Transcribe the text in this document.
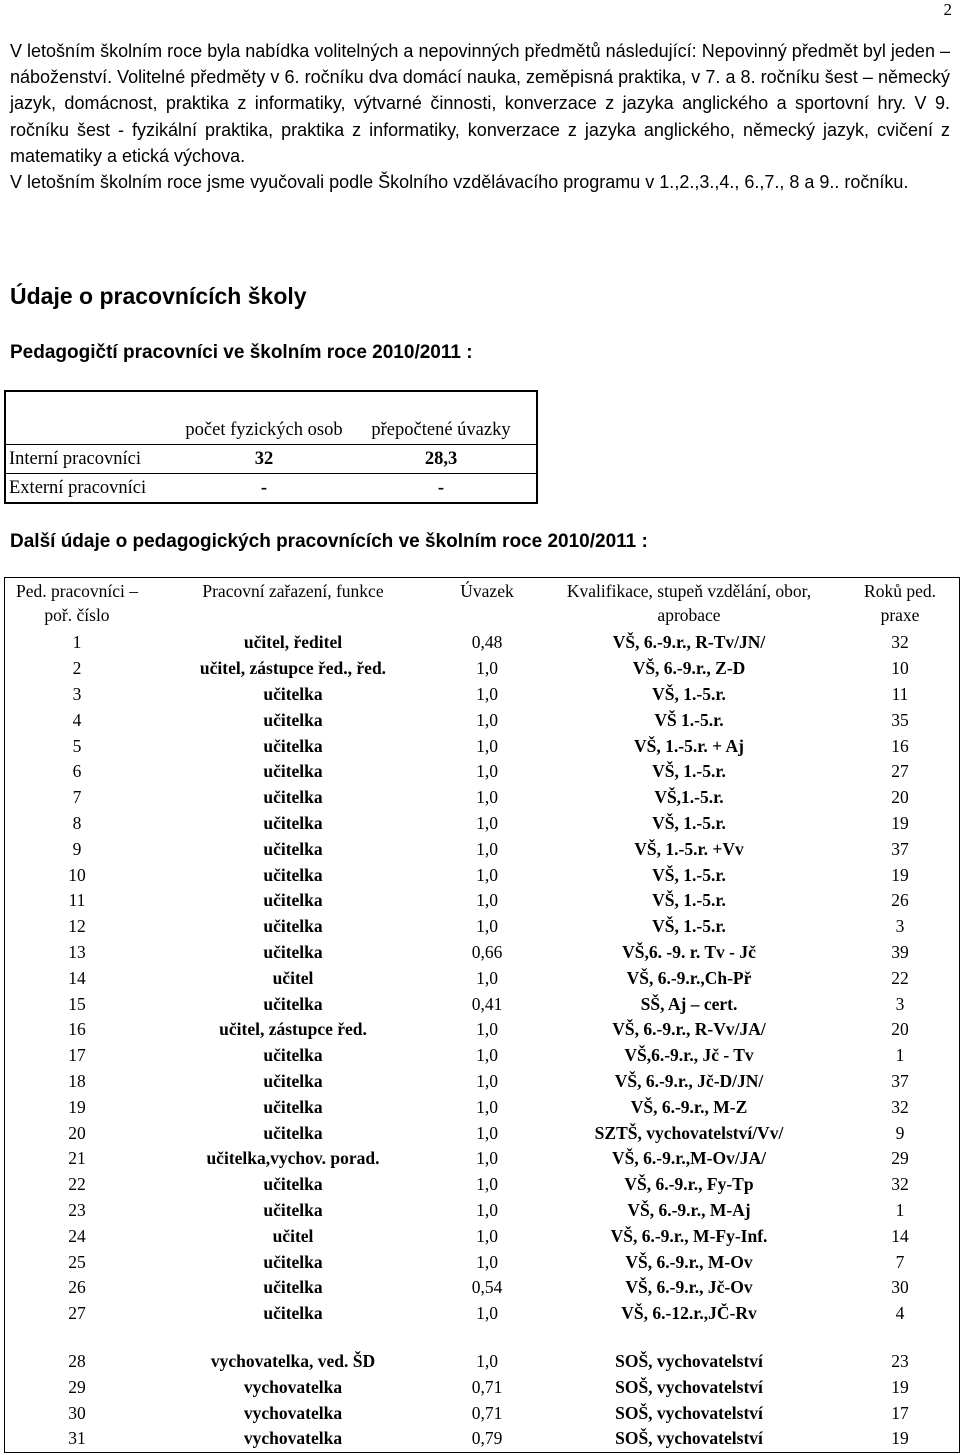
2

V letošním školním roce byla nabídka volitelných a nepovinných předmětů následující: Nepovinný předmět byl jeden – náboženství. Volitelné předměty v 6. ročníku dva domácí nauka, zeměpisná praktika, v 7. a 8. ročníku šest – německý jazyk, domácnost, praktika z informatiky, výtvarné činnosti, konverzace z jazyka anglického a sportovní hry. V 9. ročníku šest - fyzikální praktika, praktika z informatiky, konverzace z jazyka anglického, německý jazyk, cvičení z matematiky a etická výchova.

V letošním školním roce jsme vyučovali podle Školního vzdělávacího programu v 1.,2.,3.,4., 6.,7., 8 a 9.. ročníku.

Údaje o pracovnících školy
Pedagogičtí pracovníci ve školním roce 2010/2011 :
	počet fyzických osob	přepočtené úvazky
Interní pracovníci	32	28,3
Externí pracovníci	-	-
Další údaje o pedagogických pracovnících ve školním roce 2010/2011 :
Ped. pracovníci – poř. číslo	Pracovní zařazení, funkce	Úvazek	Kvalifikace, stupeň vzdělání, obor, aprobace	Roků ped. praxe
1	učitel, ředitel	0,48	VŠ, 6.-9.r., R-Tv/JN/	32
2	učitel, zástupce řed., řed.	1,0	VŠ, 6.-9.r., Z-D	10
3	učitelka	1,0	VŠ, 1.-5.r.	11
4	učitelka	1,0	VŠ 1.-5.r.	35
5	učitelka	1,0	VŠ, 1.-5.r. + Aj	16
6	učitelka	1,0	VŠ, 1.-5.r.	27
7	učitelka	1,0	VŠ,1.-5.r.	20
8	učitelka	1,0	VŠ, 1.-5.r.	19
9	učitelka	1,0	VŠ, 1.-5.r. +Vv	37
10	učitelka	1,0	VŠ, 1.-5.r.	19
11	učitelka	1,0	VŠ, 1.-5.r.	26
12	učitelka	1,0	VŠ, 1.-5.r.	3
13	učitelka	0,66	VŠ,6. -9. r. Tv - Jč	39
14	učitel	1,0	VŠ, 6.-9.r.,Ch-Př	22
15	učitelka	0,41	SŠ, Aj – cert.	3
16	učitel, zástupce řed.	1,0	VŠ, 6.-9.r., R-Vv/JA/	20
17	učitelka	1,0	VŠ,6.-9.r., Jč - Tv	1
18	učitelka	1,0	VŠ, 6.-9.r., Jč-D/JN/	37
19	učitelka	1,0	VŠ, 6.-9.r., M-Z	32
20	učitelka	1,0	SZTŠ, vychovatelství/Vv/	9
21	učitelka,vychov. porad.	1,0	VŠ, 6.-9.r.,M-Ov/JA/	29
22	učitelka	1,0	VŠ, 6.-9.r., Fy-Tp	32
23	učitelka	1,0	VŠ, 6.-9.r., M-Aj	1
24	učitel	1,0	VŠ, 6.-9.r., M-Fy-Inf.	14
25	učitelka	1,0	VŠ, 6.-9.r., M-Ov	7
26	učitelka	0,54	VŠ, 6.-9.r., Jč-Ov	30
27	učitelka	1,0	VŠ, 6.-12.r.,JČ-Rv	4

28	vychovatelka, ved. ŠD	1,0	SOŠ, vychovatelství	23
29	vychovatelka	0,71	SOŠ, vychovatelství	19
30	vychovatelka	0,71	SOŠ, vychovatelství	17
31	vychovatelka	0,79	SOŠ, vychovatelství	19
